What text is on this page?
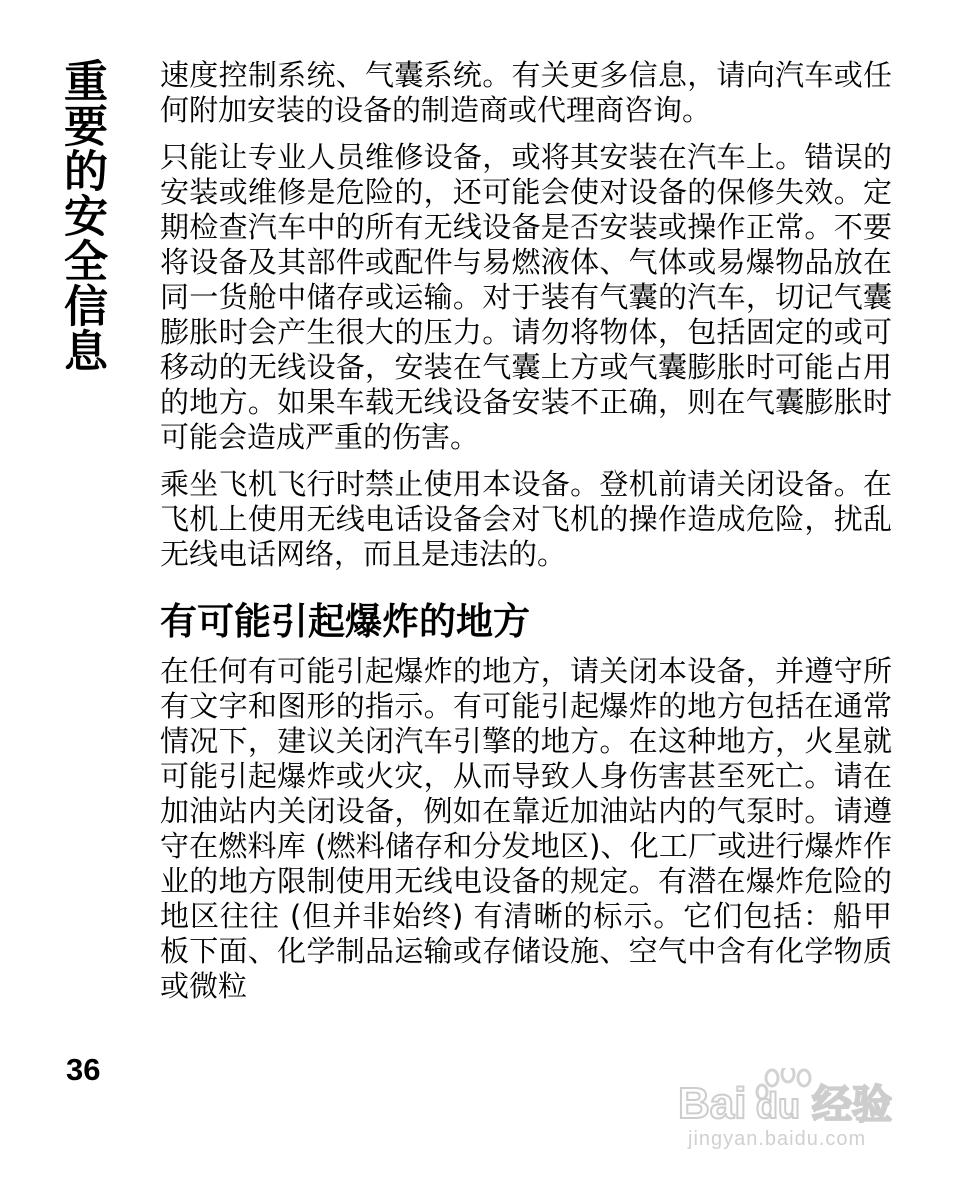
重要的安全信息	速度控制系统、气囊系统。有关更多信息，请向汽车或任何附加安装的设备的制造商或代理商咨询。

只能让专业人员维修设备，或将其安装在汽车上。错误的安装或维修是危险的，还可能会使对设备的保修失效。定期检查汽车中的所有无线设备是否安装或操作正常。不要将设备及其部件或配件与易燃液体、气体或易爆物品放在同一货舱中储存或运输。对于装有气囊的汽车，切记气囊膨胀时会产生很大的压力。请勿将物体，包括固定的或可移动的无线设备，安装在气囊上方或气囊膨胀时可能占用的地方。如果车载无线设备安装不正确，则在气囊膨胀时可能会造成严重的伤害。

乘坐飞机飞行时禁止使用本设备。登机前请关闭设备。在飞机上使用无线电话设备会对飞机的操作造成危险，扰乱无线电话网络，而且是违法的。

有可能引起爆炸的地方

在任何有可能引起爆炸的地方，请关闭本设备，并遵守所有文字和图形的指示。有可能引起爆炸的地方包括在通常情况下，建议关闭汽车引擎的地方。在这种地方，火星就可能引起爆炸或火灾，从而导致人身伤害甚至死亡。请在加油站内关闭设备，例如在靠近加油站内的气泵时。请遵守在燃料库 (燃料储存和分发地区)、化工厂或进行爆炸作业的地方限制使用无线电设备的规定。有潜在爆炸危险的地区往往 (但并非始终) 有清晰的标示。它们包括：船甲板下面、化学制品运输或存储设施、空气中含有化学物质或微粒

36
Bai du 经验
jingyan.baidu.com
